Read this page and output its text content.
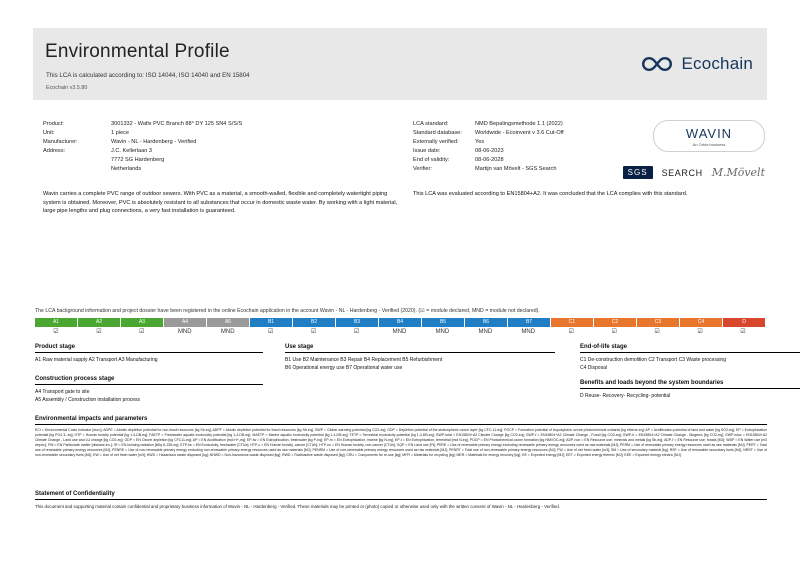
Environmental Profile
This LCA is calculated according to: ISO 14044, ISO 14040 and EN 15804
Ecochain v3.5.80
Ecochain
Product:	3001332 - Wafix PVC Branch 88° DY 125 SN4 S/S/S
Unit:	1 piece
Manufacturer:	Wavin - NL - Hardenberg - Verified
Address:	J.C. Kellerlaan 3
7772 SG Hardenberg
Netherlands
Wavin carries a complete PVC range of outdoor sewers. With PVC as a material, a smooth-walled, flexible and completely watertight piping system is obtained. Moreover, PVC is absolutely resistant to all substances that occur in domestic waste water. By working with a light material, large pipe lengths and plug connections, a very fast installation is guaranteed.
LCA standard:	NMD Bepalingsmethode 1.1 (2022)
Standard database:	Worldwide - Ecoinvent v 3.6 Cut-Off
Externally verified:	Yes
Issue date:	08-06-2023
End of validity:	08-06-2028
Verifier:	Martijn van Mövelt - SGS Search
This LCA was evaluated according to EN15804+A2. It was concluded that the LCA complies with this standard.
WAVIN
An Orbia business
SGS	SEARCH M.Mövelt
The LCA background information and project dossier have been registered in the online Ecochain application in the account Wavin - NL - Hardenberg - Verified (2020). (☑ = module declared, MND = module not declared).
A1	A2	A3	A4	A5	B1	B2	B3	B4	B5	B6	B7	C1	C2	C3	C4	D
☑	☑	☑	MND	MND	☑	☑	☑	MND	MND	MND	MND	☑	☑	☑	☑	☑
Product stage
A1 Raw material supply A2 Transport A3 Manufacturing
Construction process stage
A4 Transport gate to site
A5 Assembly / Construction installation process
Use stage
B1 Use B2 Maintenance B3 Repair B4 Replacement B5 Refurbishment
B6 Operational energy use B7 Operational water use
End-of-life stage
C1 De-construction demolition C2 Transport C3 Waste processing
C4 Disposal
Benefits and loads beyond the system boundaries
D Reuse- Recovery- Recycling- potential
Environmental impacts and parameters

ECI = Environmental Costs Indicator [euro]; ADPE = Abiotic depletion potential for non-fossil resources [kg Sb-eq]; ADPF = Abiotic depletion potential for fossil resources [kg Sb-eq]; GWP = Global warming potential [kg CO2-eq]; ODP = Depletion potential of the stratospheric ozone layer [kg CFC-11-eq]; POCP = Formation potential of tropospheric ozone photochemical oxidants [kg ethene-eq]; AP = Acidification potential of land and water [kg SO2-eq]; EP = Eutrophication potential [kg PO4 3--eq]; HTP = Human toxicity potential [kg 1,4-DB-eq]; FAETP = Freshwater aquatic ecotoxicity potential [kg 1,4-DB-eq]; MAETP = Marine aquatic ecotoxicity potential [kg 1,4-DB-eq]; TETP = Terrestrial ecotoxicity potential [kg 1,4-DB-eq]; GWP-total = EN15804+A2 Climate Change [kg CO2-eq]; GWP-f = EN15804+A2 Climate Change - Fossil [kg CO2-eq]; GWP-b = EN15804+A2 Climate Change - Biogenic [kg CO2-eq]; GWP-luluc = EN15804+A2 Climate Change - Land use and LU change [kg CO2-eq]; ODP = EN Ozone depletion [kg CFC11-eq]; AP = EN Acidification [mol H+-eq]; EP-fw = EN Eutrophication, freshwater [kg P-eq]; EP-m = EN Eutrophication, marine [kg N-eq]; EP-t = EN Eutrophication, terrestrial [mol N-eq]; POCP = EN Photochemical ozone formation [kg NMVOC-eq]; ADP-non = EN Resource use, minerals and metals [kg Sb-eq]; ADP-f = EN Resource use, fossils [MJ]; WDP = EN Water use [m3 depriv.]; PM = EN Particulate matter [disease inc.]; IR = EN Ionising radiation [kBq U-235-eq]; ETP-fw = EN Ecotoxicity, freshwater [CTUe]; HTP-c = EN Human toxicity, cancer [CTUh]; HTP-nc = EN Human toxicity, non-cancer [CTUh]; SQP = EN Land use [Pt]; PERE = Use of renewable primary energy excluding renewable primary energy resources used as raw materials [MJ]; PERM = Use of renewable primary energy resources used as raw materials [MJ]; PERT = Total use of renewable primary energy resources [MJ]; PENRE = Use of non-renewable primary energy excluding non-renewable primary energy resources used as raw materials [MJ]; PENRM = Use of non-renewable primary energy resources used as raw materials [MJ]; PENRT = Total use of non-renewable primary energy resources [MJ]; FW = Use of net fresh water [m3]; SM = Use of secondary material [kg]; RSF = Use of renewable secondary fuels [MJ]; NRSF = Use of non-renewable secondary fuels [MJ]; EW = Use of net fresh water [m3]; HWD = Hazardous waste disposed [kg]; NHWD = Non-hazardous waste disposed [kg]; RWD = Radioactive waste disposed [kg]; CRU = Components for re-use [kg]; MFR = Materials for recycling [kg]; MER = Materials for energy recovery [kg]; EE = Exported energy [MJ]; EET = Exported energy thermic [MJ]; EEE = Exported energy electric [MJ].

Statement of Confidentiality

This document and supporting material contain confidential and proprietary business information of Wavin - NL - Hardenberg - Verified. These materials may be printed or (photo) copied or otherwise used only with the written consent of Wavin - NL - Hardenberg - Verified.
